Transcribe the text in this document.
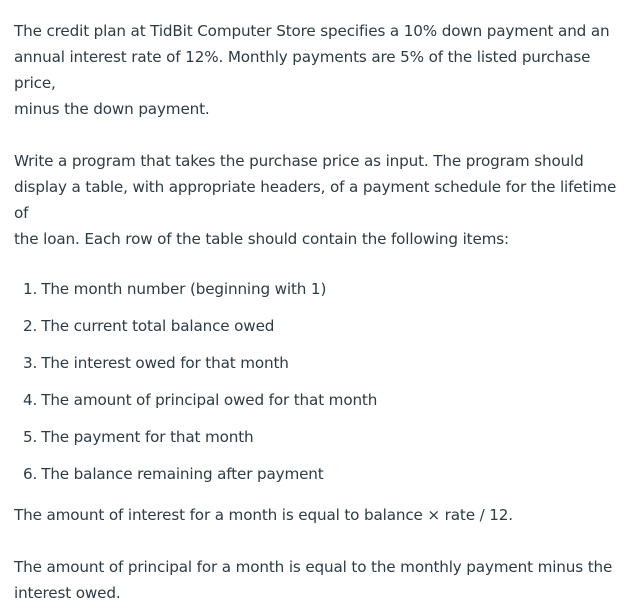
The credit plan at TidBit Computer Store specifies a 10% down payment and an
annual interest rate of 12%. Monthly payments are 5% of the listed purchase price,
minus the down payment.

Write a program that takes the purchase price as input. The program should
display a table, with appropriate headers, of a payment schedule for the lifetime of
the loan. Each row of the table should contain the following items:

1. The month number (beginning with 1)
2. The current total balance owed
3. The interest owed for that month
4. The amount of principal owed for that month
5. The payment for that month
6. The balance remaining after payment

The amount of interest for a month is equal to balance × rate / 12.

The amount of principal for a month is equal to the monthly payment minus the
interest owed.
